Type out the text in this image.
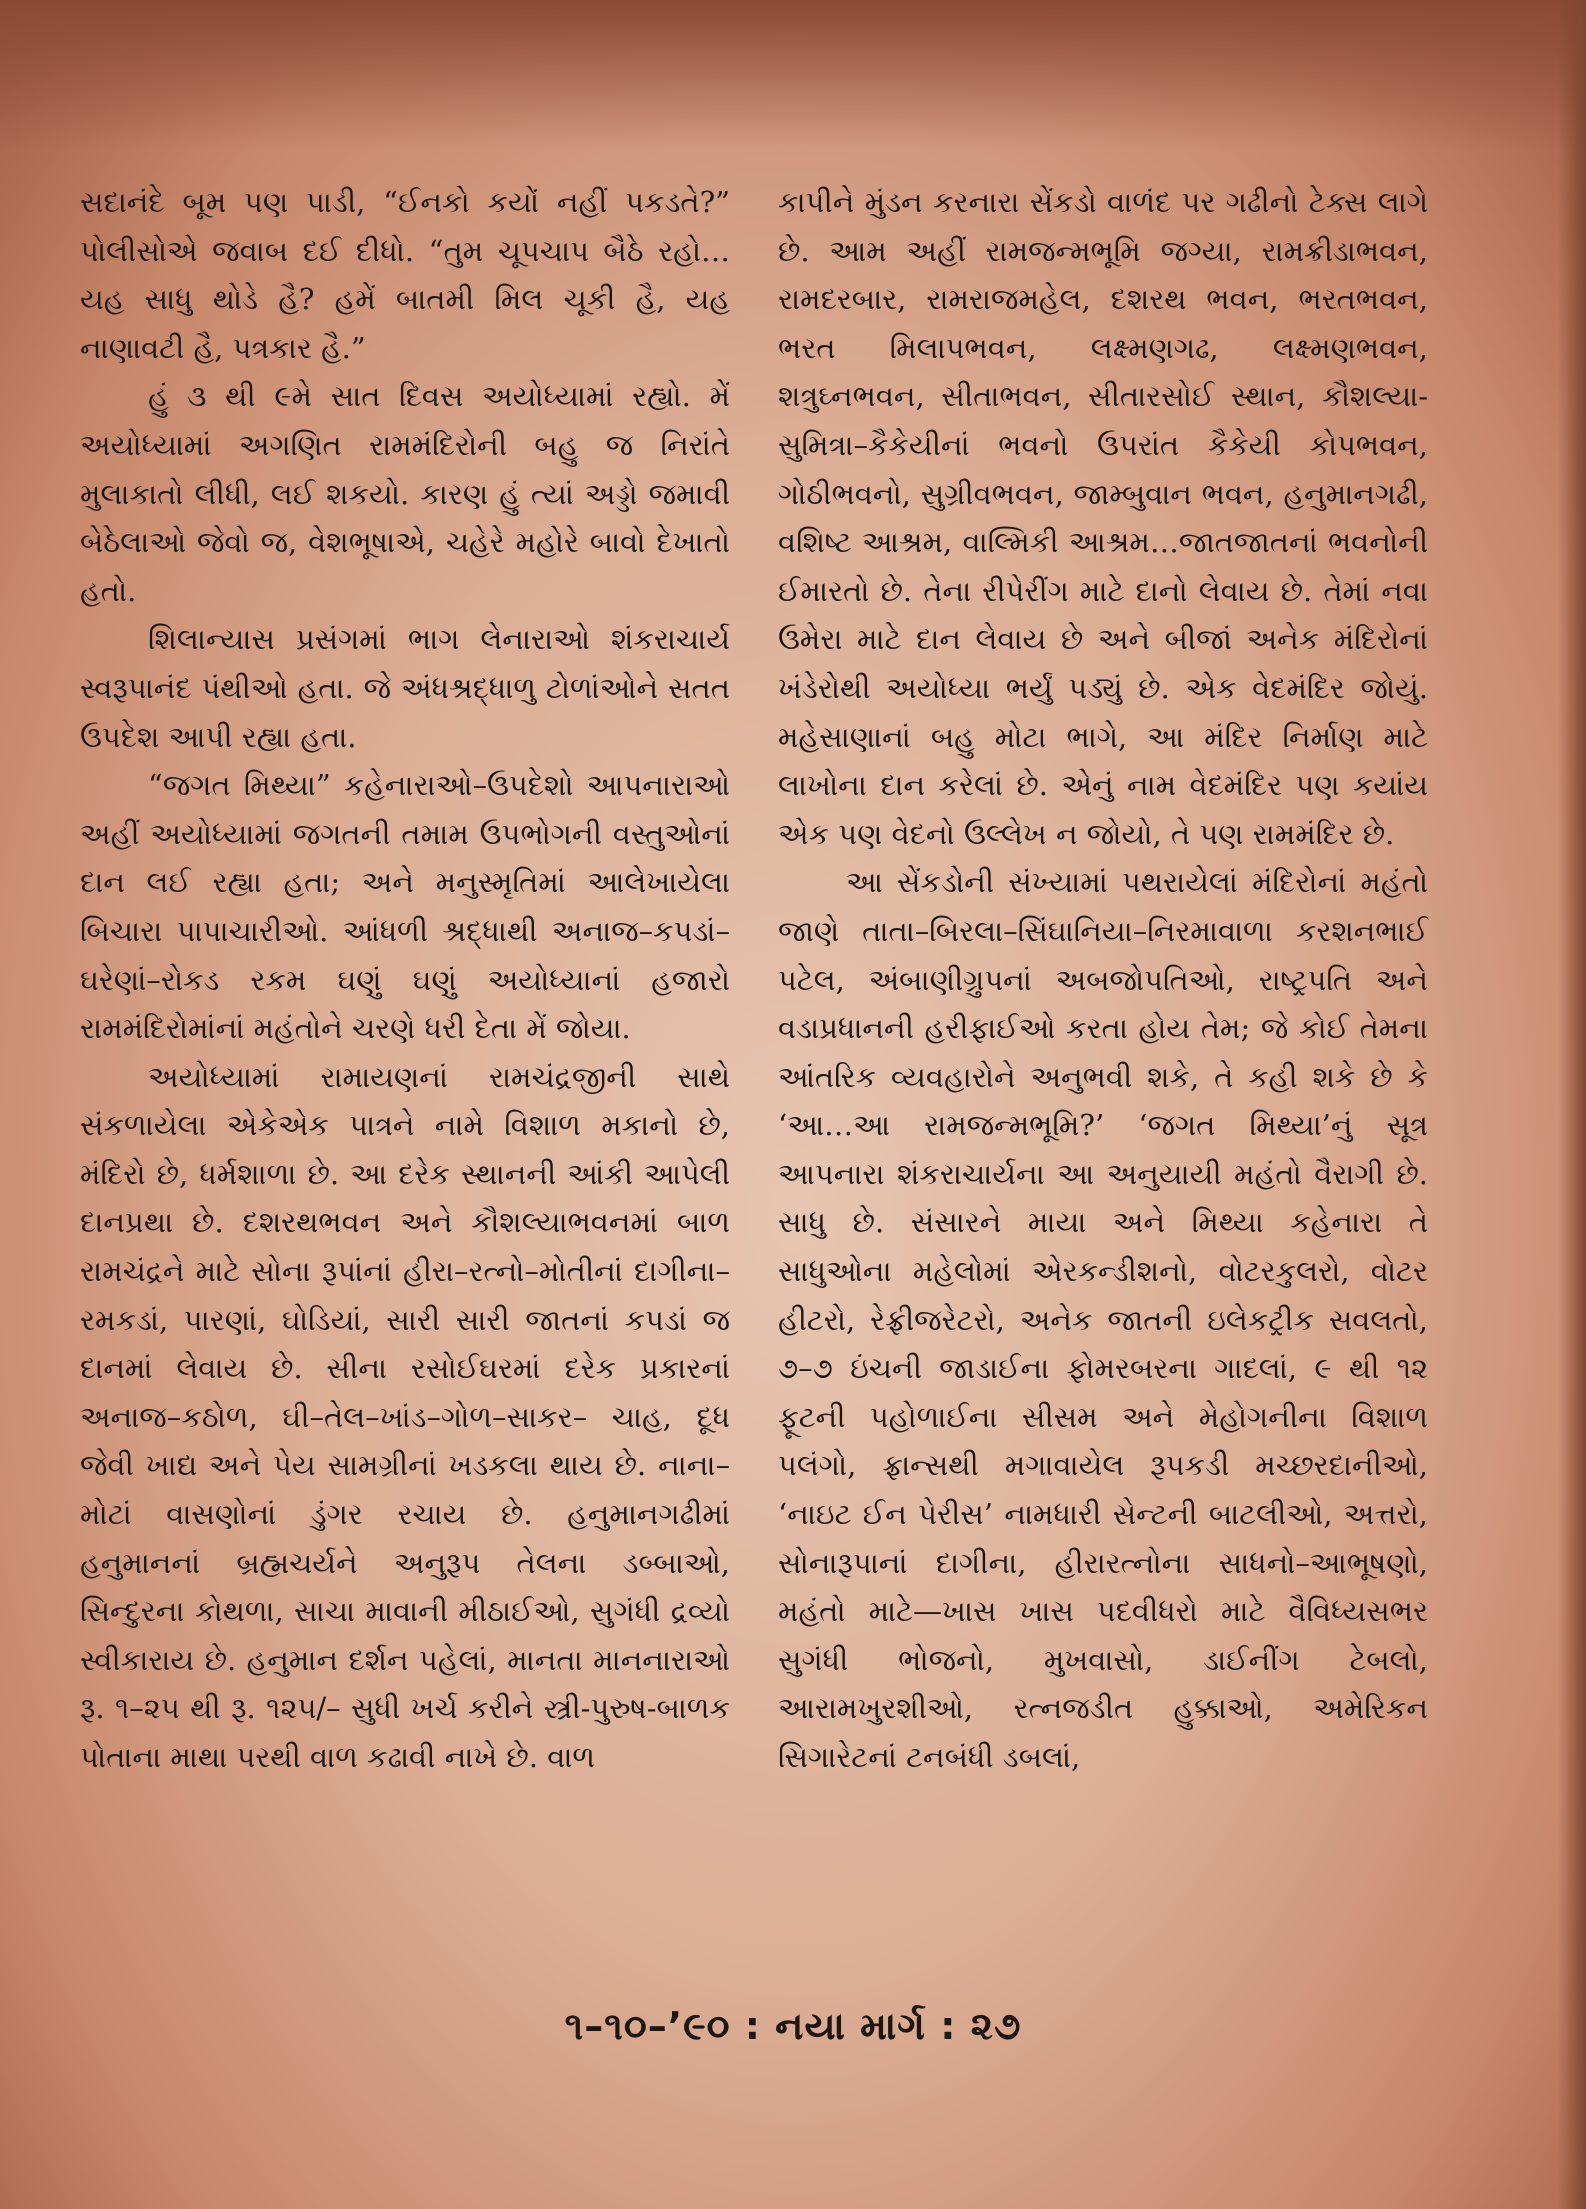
સદાનંદે બૂમ પણ પાડી, “ઈનકો કયોં નહીં પકડતે?” પોલીસોએ જવાબ દઈ દીધો. “તુમ ચૂપચાપ બૈઠે રહો…યહ સાધુ થોડે હૈ? હમેં બાતમી મિલ ચૂકી હૈ, યહ નાણાવટી હૈ, પત્રકાર હૈ.”

હું ૩ થી ૯મે સાત દિવસ અયોધ્યામાં રહ્યો. મેં અયોધ્યામાં અગણિત રામમંદિરોની બહુ જ નિરાંતે મુલાકાતો લીધી, લઈ શકયો. કારણ હું ત્યાં અડ્ડો જમાવી બેઠેલાઓ જેવો જ, વેશભૂષાએ, ચહેરે મહોરે બાવો દેખાતો હતો.

શિલાન્યાસ પ્રસંગમાં ભાગ લેનારાઓ શંકરાચાર્ય સ્વરૂપાનંદ પંથીઓ હતા. જે અંધશ્રદ્ધાળુ ટોળાંઓને સતત ઉપદેશ આપી રહ્યા હતા.

“જગત મિથ્યા” કહેનારાઓ–ઉપદેશો આપનારાઓ અહીં અયોધ્યામાં જગતની તમામ ઉપભોગની વસ્તુઓનાં દાન લઈ રહ્યા હતા; અને મનુસ્મૃતિમાં આલેખાયેલા બિચારા પાપાચારીઓ. આંધળી શ્રદ્ધાથી અનાજ–કપડાં–ઘરેણાં–રોકડ રકમ ઘણું ઘણું અયોધ્યાનાં હજારો રામમંદિરોમાંનાં મહંતોને ચરણે ધરી દેતા મેં જોયા.

અયોધ્યામાં રામાયણનાં રામચંદ્રજીની સાથે સંકળાયેલા એકેએક પાત્રને નામે વિશાળ મકાનો છે, મંદિરો છે, ધર્મશાળા છે. આ દરેક સ્થાનની આંકી આપેલી દાનપ્રથા છે. દશરથભવન અને કૌશલ્યાભવનમાં બાળ રામચંદ્રને માટે સોના રૂપાંનાં હીરા–રત્નો–મોતીનાં દાગીના–રમકડાં, પારણાં, ઘોડિયાં, સારી સારી જાતનાં કપડાં જ દાનમાં લેવાય છે. સીના રસોઈઘરમાં દરેક પ્રકારનાં અનાજ–કઠોળ, ઘી–તેલ–ખાંડ–ગોળ–સાકર– ચાહ, દૂધ જેવી ખાદ્ય અને પેય સામગ્રીનાં ખડકલા થાય છે. નાના–મોટાં વાસણોનાં ડુંગર રચાય છે. હનુમાનગઢીમાં હનુમાનનાં બ્રહ્મચર્યને અનુરૂપ તેલના ડબ્બાઓ, સિન્દુરના કોથળા, સાચા માવાની મીઠાઈઓ, સુગંધી દ્રવ્યો સ્વીકારાય છે. હનુમાન દર્શન પહેલાં, માનતા માનનારાઓ રૂ. ૧–૨૫ થી રૂ. ૧૨૫/– સુધી ખર્ચ કરીને સ્ત્રી-પુરુષ-બાળક પોતાના માથા પરથી વાળ કઢાવી નાખે છે. વાળ

કાપીને મુંડન કરનારા સેંકડો વાળંદ પર ગઢીનો ટેક્સ લાગે છે. આમ અહીં રામજન્મભૂમિ જગ્યા, રામક્રીડાભવન, રામદરબાર, રામરાજમહેલ, દશરથ ભવન, ભરતભવન, ભરત મિલાપભવન, લક્ષ્મણગઢ, લક્ષ્મણભવન, શત્રુઘ્નભવન, સીતાભવન, સીતારસોઈ સ્થાન, કૌશલ્યા-સુમિત્રા–કૈકેયીનાં ભવનો ઉપરાંત કૈકેયી કોપભવન, ગોઠીભવનો, સુગ્રીવભવન, જામ્બુવાન ભવન, હનુમાનગઢી, વશિષ્ટ આશ્રમ, વાલ્મિકી આશ્રમ…જાતજાતનાં ભવનોની ઈમારતો છે. તેના રીપેરીંગ માટે દાનો લેવાય છે. તેમાં નવા ઉમેરા માટે દાન લેવાય છે અને બીજાં અનેક મંદિરોનાં ખંડેરોથી અયોધ્યા ભર્યું પડ્યું છે. એક વેદમંદિર જોયું. મહેસાણાનાં બહુ મોટા ભાગે, આ મંદિર નિર્માણ માટે લાખોના દાન કરેલાં છે. એનું નામ વેદમંદિર પણ કયાંય એક પણ વેદનો ઉલ્લેખ ન જોયો, તે પણ રામમંદિર છે.

આ સેંકડોની સંખ્યામાં પથરાયેલાં મંદિરોનાં મહંતો જાણે તાતા–બિરલા–સિંઘાનિયા–નિરમાવાળા કરશનભાઈ પટેલ, અંબાણીગ્રુપનાં અબજોપતિઓ, રાષ્ટ્રપતિ અને વડાપ્રધાનની હરીફાઈઓ કરતા હોય તેમ; જે કોઈ તેમના આંતરિક વ્યવહારોને અનુભવી શકે, તે કહી શકે છે કે ‘આ…આ રામજન્મભૂમિ?’ ‘જગત મિથ્યા’નું સૂત્ર આપનારા શંકરાચાર્યના આ અનુયાયી મહંતો વૈરાગી છે. સાધુ છે. સંસારને માયા અને મિથ્યા કહેનારા તે સાધુઓના મહેલોમાં એરકન્ડીશનો, વોટરકુલરો, વોટર હીટરો, રેફ્રીજરેટરો, અનેક જાતની ઇલેકટ્રીક સવલતો, ૭–૭ ઇંચની જાડાઈના ફોમરબરના ગાદલાં, ૯ થી ૧૨ ફૂટની પહોળાઈના સીસમ અને મેહોગનીના વિશાળ પલંગો, ફ્રાન્સથી મગાવાયેલ રૂપકડી મચ્છરદાનીઓ, ‘નાઇટ ઈન પેરીસ’ નામધારી સેન્ટની બાટલીઓ, અત્તરો, સોનારૂપાનાં દાગીના, હીરારત્નોના સાધનો–આભૂષણો, મહંતો માટે—ખાસ ખાસ પદવીધરો માટે વૈવિધ્યસભર સુગંધી ભોજનો, મુખવાસો, ડાઈનીંગ ટેબલો, આરામખુરશીઓ, રત્નજડીત હુક્કાઓ, અમેરિકન સિગારેટનાં ટનબંધી ડબલાં,

૧–૧૦–’૯૦ : નયા માર્ગ : ૨૭
